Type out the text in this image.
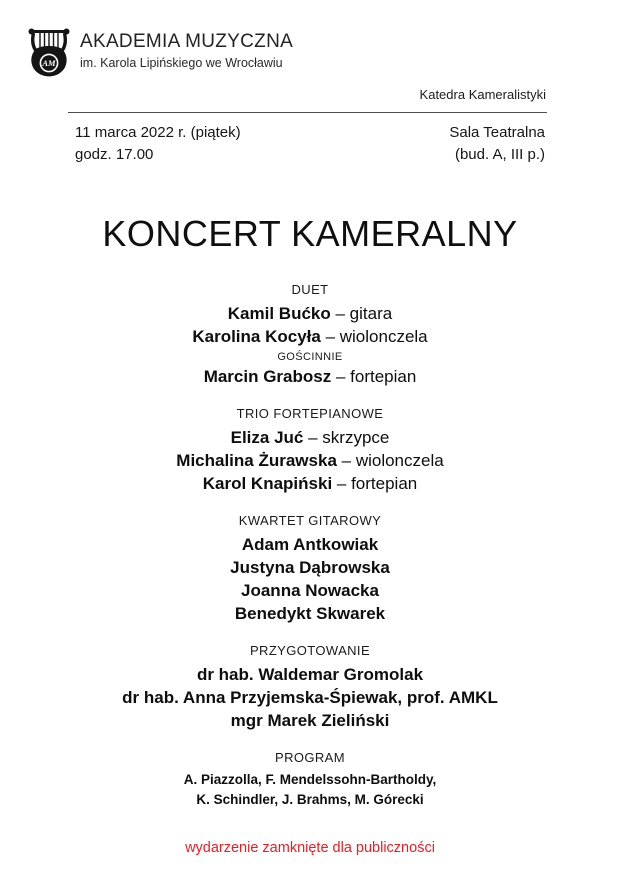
AM
AKADEMIA MUZYCZNA
im. Karola Lipińskiego we Wrocławiu
Katedra Kameralistyki
11 marca 2022 r. (piątek)
godz. 17.00
Sala Teatralna
(bud. A, III p.)
KONCERT KAMERALNY
DUET
Kamil Bućko – gitara
Karolina Kocyła – wiolonczela
GOŚCINNIE
Marcin Grabosz – fortepian
TRIO FORTEPIANOWE
Eliza Juć – skrzypce
Michalina Żurawska – wiolonczela
Karol Knapiński – fortepian
KWARTET GITAROWY
Adam Antkowiak
Justyna Dąbrowska
Joanna Nowacka
Benedykt Skwarek
PRZYGOTOWANIE
dr hab. Waldemar Gromolak
dr hab. Anna Przyjemska-Śpiewak, prof. AMKL
mgr Marek Zieliński
PROGRAM
A. Piazzolla, F. Mendelssohn-Bartholdy,
K. Schindler, J. Brahms, M. Górecki
wydarzenie zamknięte dla publiczności
